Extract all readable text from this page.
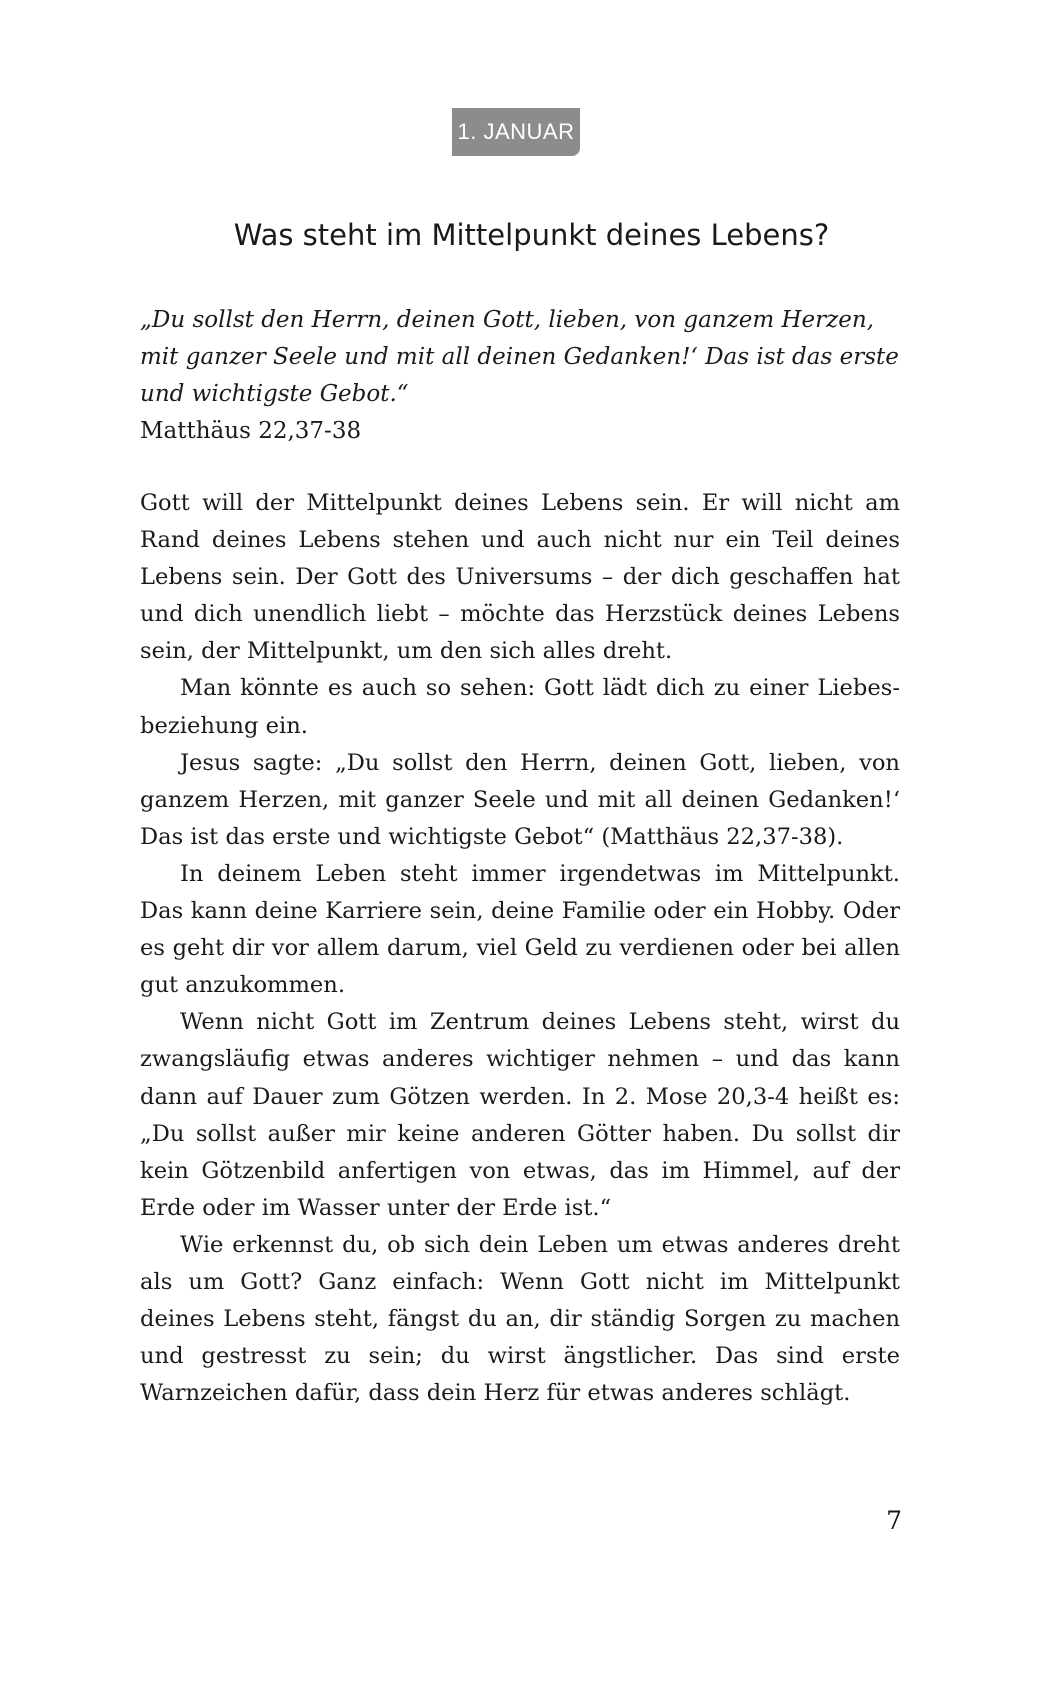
1. JANUAR
Was steht im Mittelpunkt deines Lebens?

„Du sollst den Herrn, deinen Gott, lieben, von ganzem Herzen, mit ganzer Seele und mit all deinen Gedanken!‘ Das ist das erste und wichtigste Gebot.“

Matthäus 22,37-38

Gott will der Mittelpunkt deines Lebens sein. Er will nicht am Rand deines Lebens stehen und auch nicht nur ein Teil deines Lebens sein. Der Gott des Universums – der dich geschaffen hat und dich unendlich liebt – möchte das Herzstück deines Lebens sein, der Mittelpunkt, um den sich alles dreht.

Man könnte es auch so sehen: Gott lädt dich zu einer Liebesbeziehung ein.

Jesus sagte: „Du sollst den Herrn, deinen Gott, lieben, von ganzem Herzen, mit ganzer Seele und mit all deinen Gedanken!‘ Das ist das erste und wichtigste Gebot“ (Matthäus 22,37-38).

In deinem Leben steht immer irgendetwas im Mittelpunkt. Das kann deine Karriere sein, deine Familie oder ein Hobby. Oder es geht dir vor allem darum, viel Geld zu verdienen oder bei allen gut anzukommen.

Wenn nicht Gott im Zentrum deines Lebens steht, wirst du zwangsläufig etwas anderes wichtiger nehmen – und das kann dann auf Dauer zum Götzen werden. In 2. Mose 20,3-4 heißt es: „Du sollst außer mir keine anderen Götter haben. Du sollst dir kein Götzenbild anfertigen von etwas, das im Himmel, auf der Erde oder im Wasser unter der Erde ist.“

Wie erkennst du, ob sich dein Leben um etwas anderes dreht als um Gott? Ganz einfach: Wenn Gott nicht im Mittelpunkt deines Lebens steht, fängst du an, dir ständig Sorgen zu machen und gestresst zu sein; du wirst ängstlicher. Das sind erste Warnzeichen dafür, dass dein Herz für etwas anderes schlägt.

7
